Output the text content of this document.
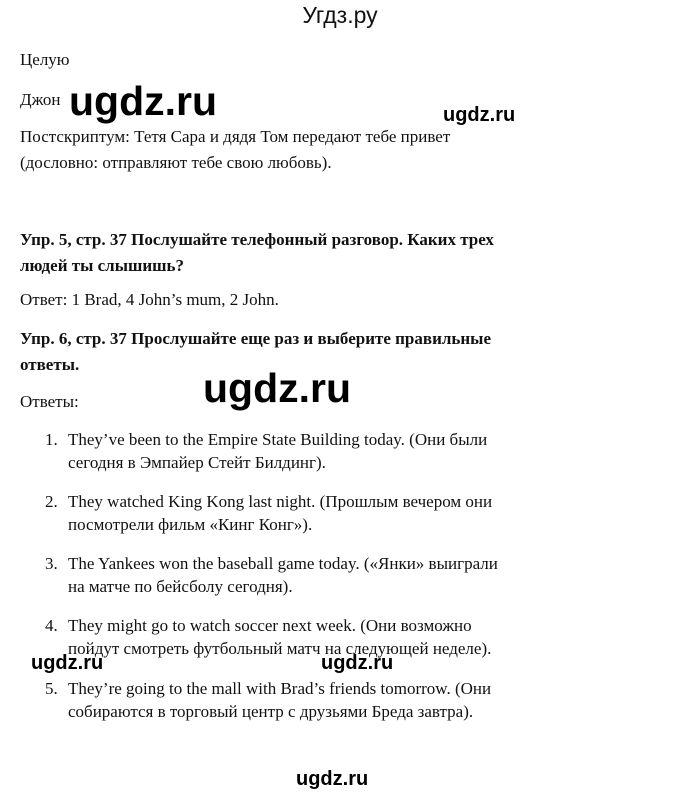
Угдз.ру
Целую
Джон
Постскриптум: Тетя Сара и дядя Том передают тебе привет
(дословно: отправляют тебе свою любовь).
Упр. 5, стр. 37 Послушайте телефонный разговор. Каких трех
людей ты слышишь?
Ответ: 1 Brad, 4 John’s mum, 2 John.
Упр. 6, стр. 37 Прослушайте еще раз и выберите правильные
ответы.
Ответы:
1. They’ve been to the Empire State Building today. (Они были
сегодня в Эмпайер Стейт Билдинг).
2. They watched King Kong last night. (Прошлым вечером они
посмотрели фильм «Кинг Конг»).
3. The Yankees won the baseball game today. («Янки» выиграли
на матче по бейсболу сегодня).
4. They might go to watch soccer next week. (Они возможно
пойдут смотреть футбольный матч на следующей неделе).
5. They’re going to the mall with Brad’s friends tomorrow. (Они
собираются в торговый центр с друзьями Бреда завтра).
ugdz.ru	ugdz.ru
ugdz.ru
ugdz.ru	ugdz.ru
ugdz.ru
